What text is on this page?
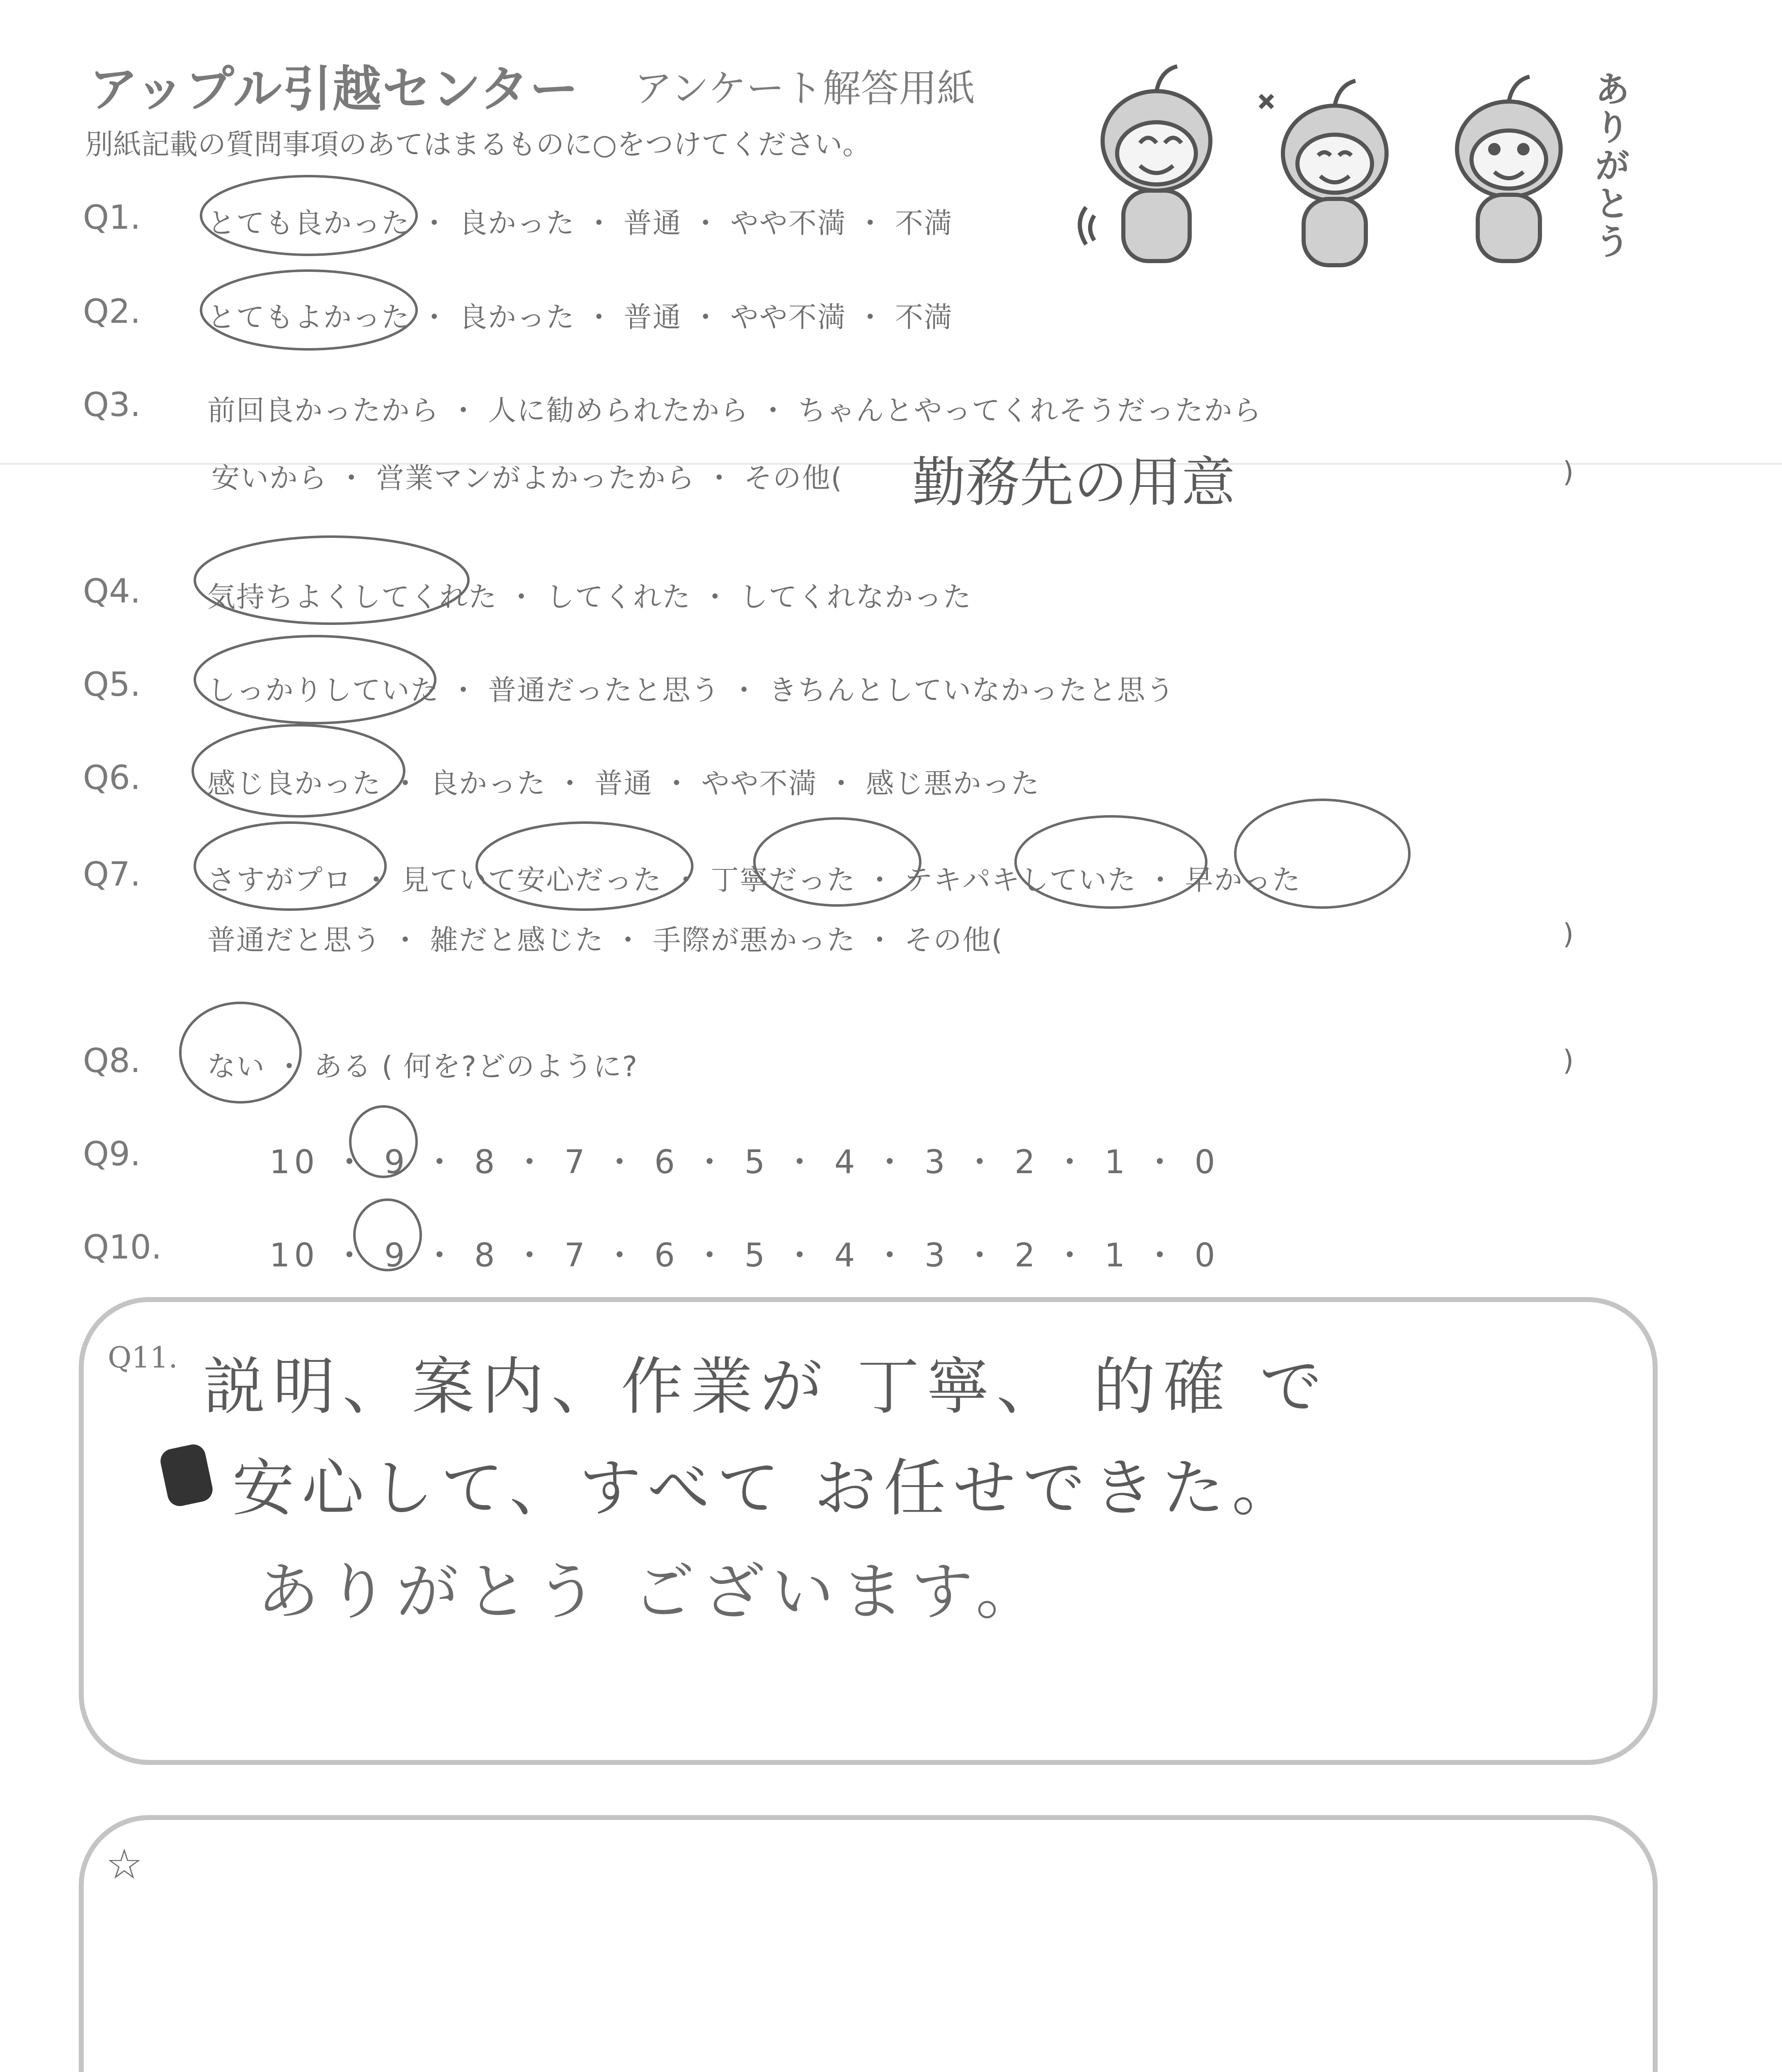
アップル引越センター アンケート解答用紙
別紙記載の質問事項のあてはまるものに○をつけてください。	ありがとう
Q1. とても良かった ・ 良かった ・ 普通 ・ やや不満 ・ 不満
Q2. とてもよかった ・ 良かった ・ 普通 ・ やや不満 ・ 不満
Q3. 前回良かったから ・ 人に勧められたから ・ ちゃんとやってくれそうだったから
安いから ・ 営業マンがよかったから ・ その他( 勤務先の用意	)
Q4. 気持ちよくしてくれた ・ してくれた ・ してくれなかった
Q5. しっかりしていた ・ 普通だったと思う ・ きちんとしていなかったと思う
Q6. 感じ良かった ・ 良かった ・ 普通 ・ やや不満 ・ 感じ悪かった
Q7. さすがプロ ・ 見ていて安心だった ・ 丁寧だった ・ テキパキしていた ・ 早かった
普通だと思う ・ 雑だと感じた ・ 手際が悪かった ・ その他(	)
Q8. ない ・ ある ( 何を?どのように?	)
Q9.	10 ・ 9 ・ 8 ・ 7 ・ 6 ・ 5 ・ 4 ・ 3 ・ 2 ・ 1 ・ 0
Q10.	10 ・ 9 ・ 8 ・ 7 ・ 6 ・ 5 ・ 4 ・ 3 ・ 2 ・ 1 ・ 0
Q11. 説明、案内、作業が 丁寧、 的確 で
安心して、すべて お任せできた。
ありがとう ございます。
☆
